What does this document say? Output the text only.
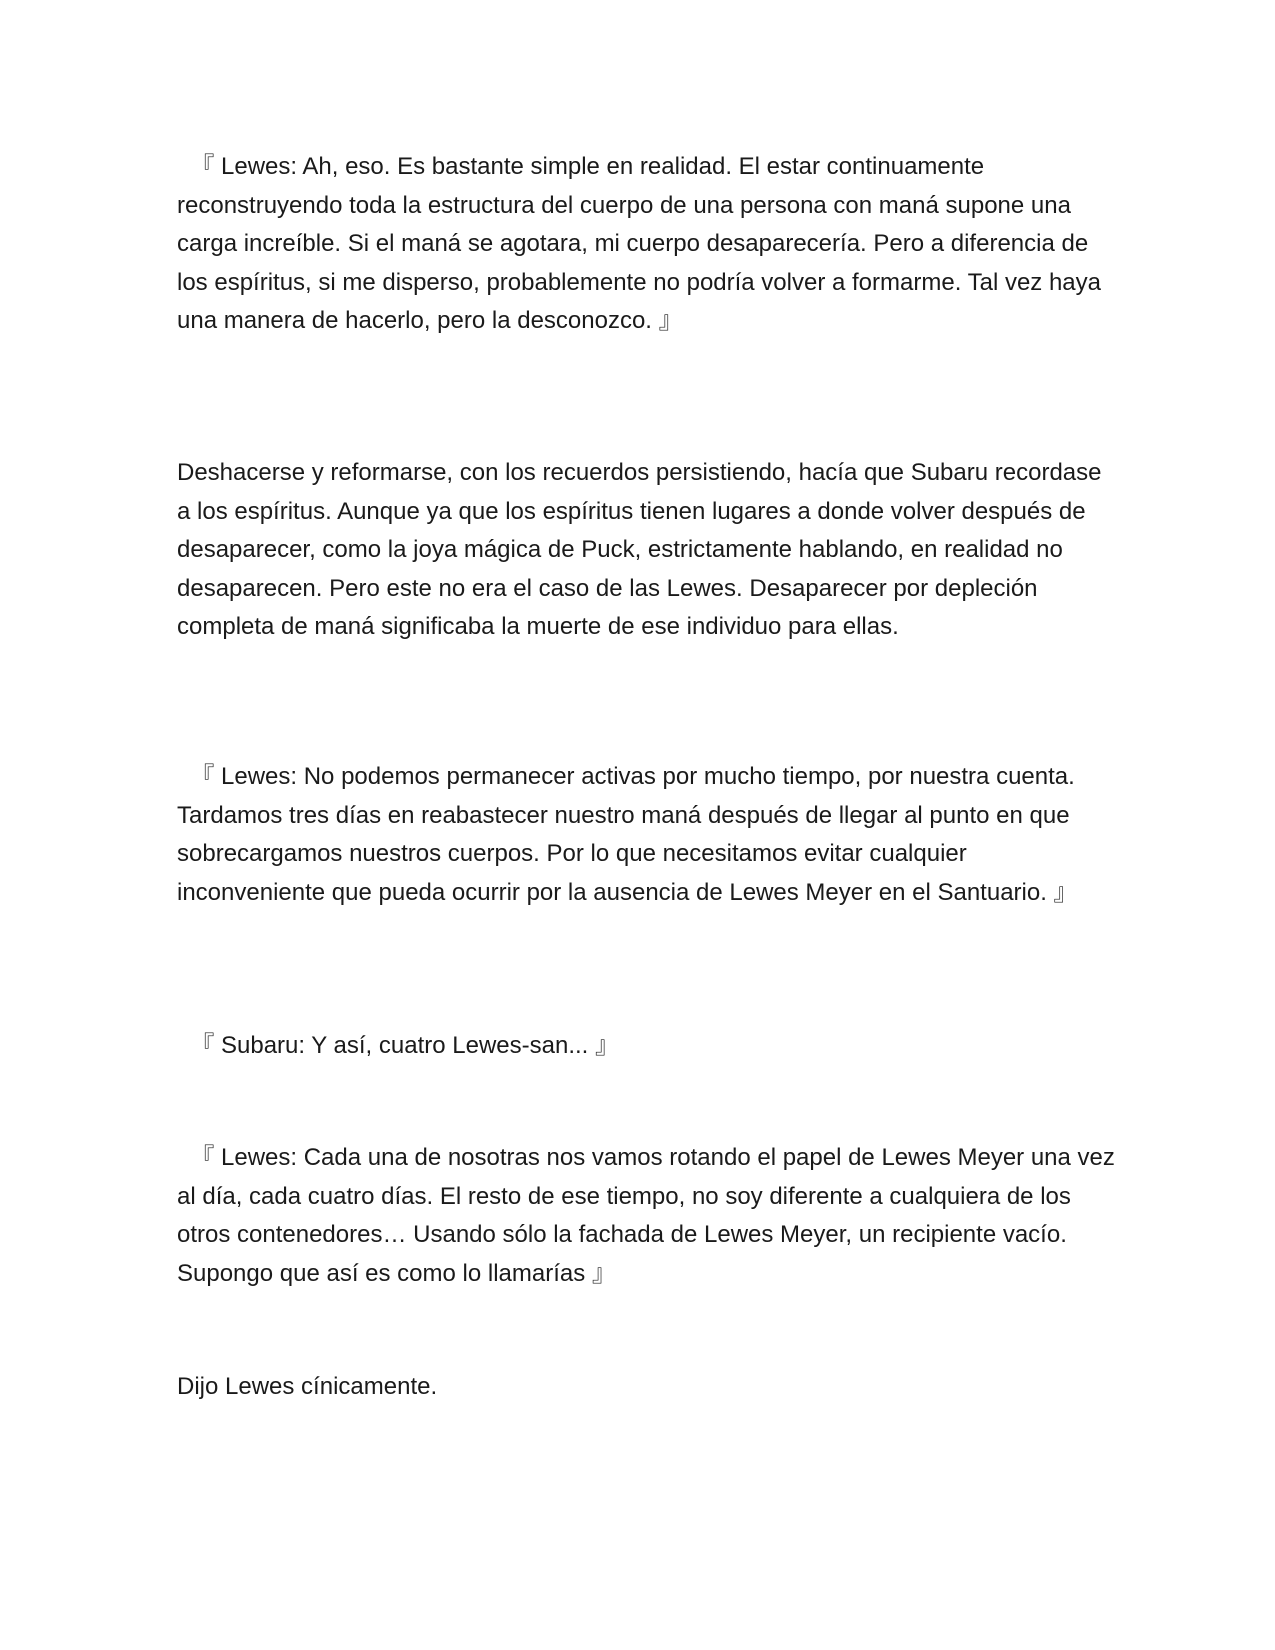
『 Lewes: Ah, eso. Es bastante simple en realidad. El estar continuamente reconstruyendo toda la estructura del cuerpo de una persona con maná supone una carga increíble. Si el maná se agotara, mi cuerpo desaparecería. Pero a diferencia de los espíritus, si me disperso, probablemente no podría volver a formarme. Tal vez haya una manera de hacerlo, pero la desconozco. 』

Deshacerse y reformarse, con los recuerdos persistiendo, hacía que Subaru recordase a los espíritus. Aunque ya que los espíritus tienen lugares a donde volver después de desaparecer, como la joya mágica de Puck, estrictamente hablando, en realidad no desaparecen. Pero este no era el caso de las Lewes. Desaparecer por depleción completa de maná significaba la muerte de ese individuo para ellas.

『 Lewes: No podemos permanecer activas por mucho tiempo, por nuestra cuenta. Tardamos tres días en reabastecer nuestro maná después de llegar al punto en que sobrecargamos nuestros cuerpos. Por lo que necesitamos evitar cualquier inconveniente que pueda ocurrir por la ausencia de Lewes Meyer en el Santuario. 』

『 Subaru: Y así, cuatro Lewes-san... 』

『 Lewes: Cada una de nosotras nos vamos rotando el papel de Lewes Meyer una vez al día, cada cuatro días. El resto de ese tiempo, no soy diferente a cualquiera de los otros contenedores… Usando sólo la fachada de Lewes Meyer, un recipiente vacío. Supongo que así es como lo llamarías 』

Dijo Lewes cínicamente.
